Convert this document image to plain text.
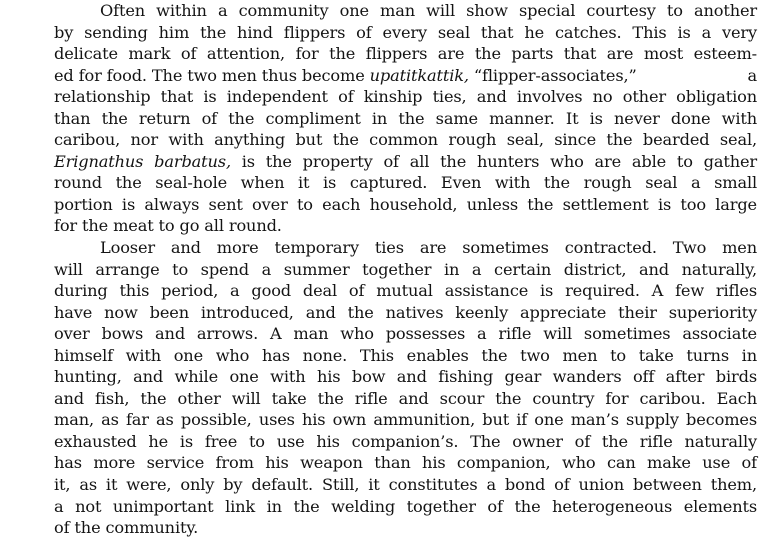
Often within a community one man will show special courtesy to another
by sending him the hind flippers of every seal that he catches. This is a very
delicate mark of attention, for the flippers are the parts that are most esteem-
ed for food. The two men thus become upatitkattik, “flipper-associates,”	a
relationship that is independent of kinship ties, and involves no other obligation
than the return of the compliment in the same manner. It is never done with
caribou, nor with anything but the common rough seal, since the bearded seal,
Erignathus barbatus, is the property of all the hunters who are able to gather
round the seal-hole when it is captured. Even with the rough seal a small
portion is always sent over to each household, unless the settlement is too large
for the meat to go all round.
Looser and more temporary ties are sometimes contracted. Two men
will arrange to spend a summer together in a certain district, and naturally,
during this period, a good deal of mutual assistance is required. A few rifles
have now been introduced, and the natives keenly appreciate their superiority
over bows and arrows. A man who possesses a rifle will sometimes associate
himself with one who has none. This enables the two men to take turns in
hunting, and while one with his bow and fishing gear wanders off after birds
and fish, the other will take the rifle and scour the country for caribou. Each
man, as far as possible, uses his own ammunition, but if one man’s supply becomes
exhausted he is free to use his companion’s. The owner of the rifle naturally
has more service from his weapon than his companion, who can make use of
it, as it were, only by default. Still, it constitutes a bond of union between them,
a not unimportant link in the welding together of the heterogeneous elements
of the community.
